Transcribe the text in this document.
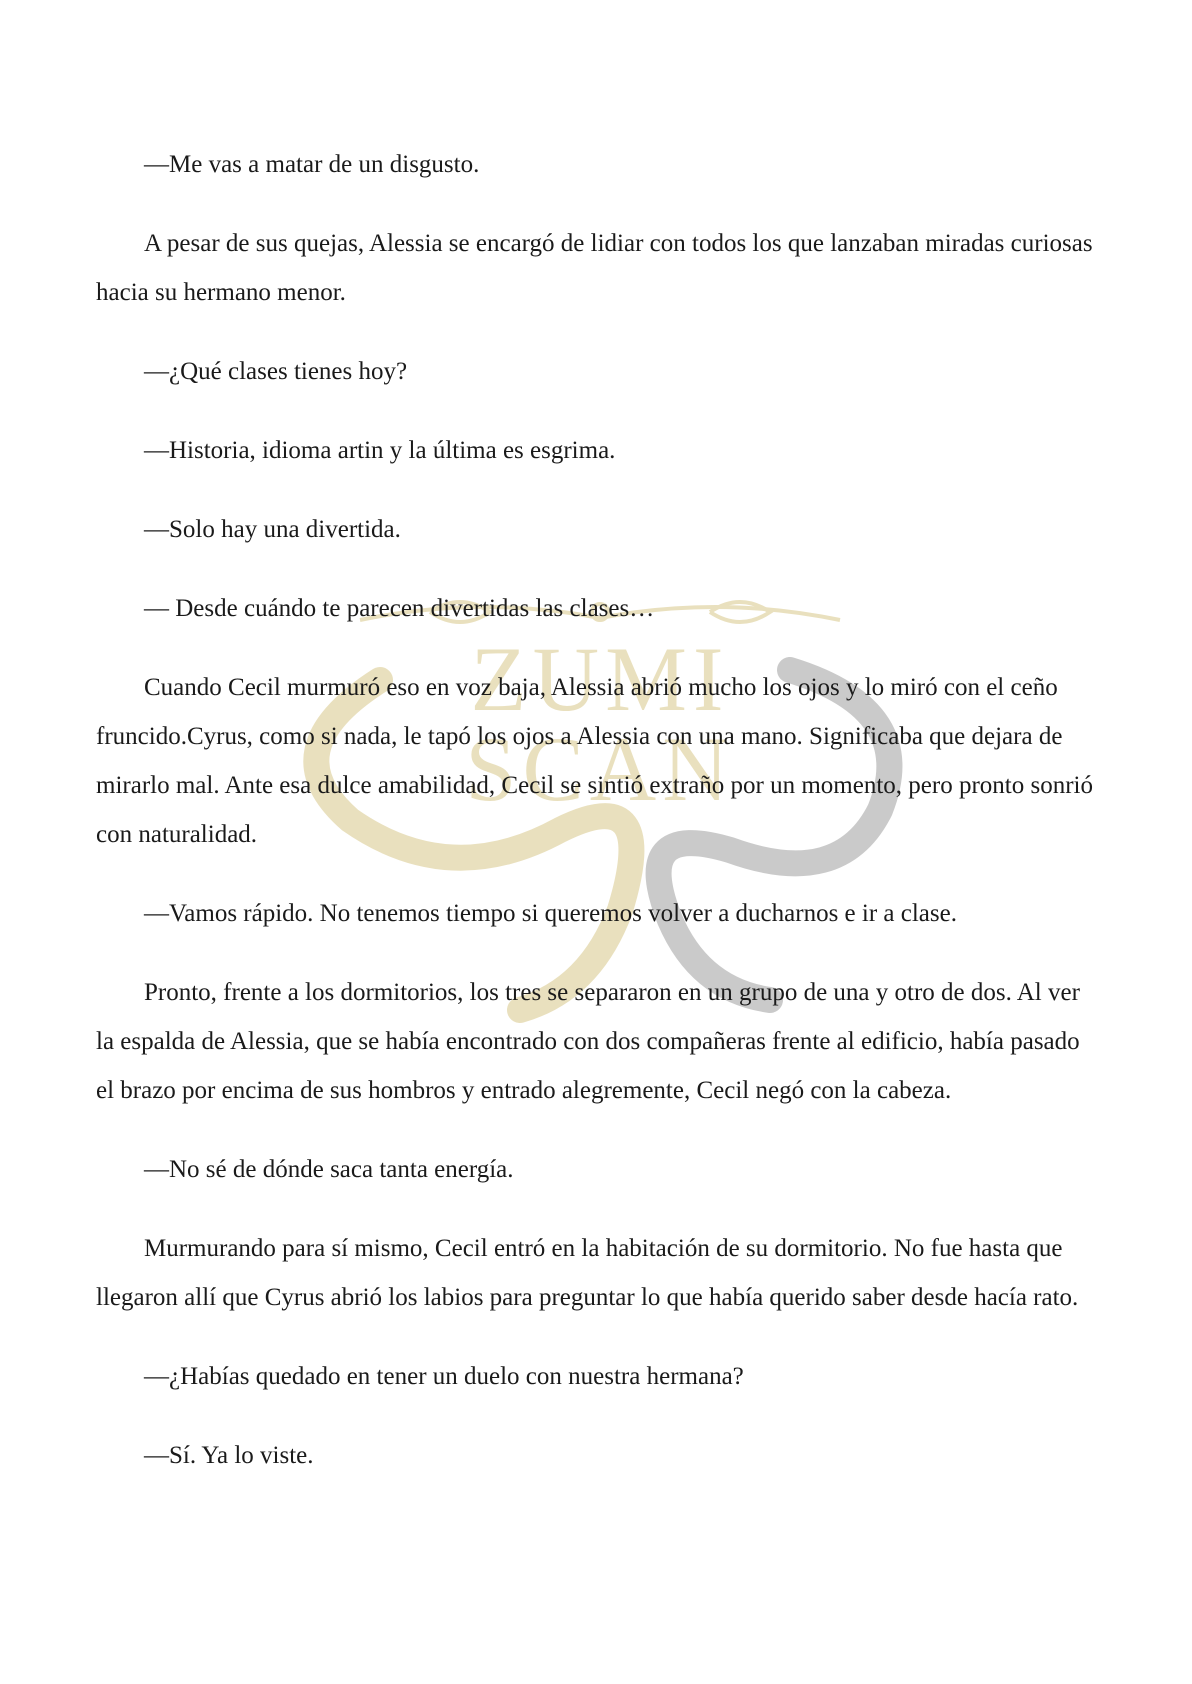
ZUMI
SCAN

—Me vas a matar de un disgusto.

A pesar de sus quejas, Alessia se encargó de lidiar con todos los que lanzaban miradas curiosas hacia su hermano menor.

—¿Qué clases tienes hoy?

—Historia, idioma artin y la última es esgrima.

—Solo hay una divertida.

— Desde cuándo te parecen divertidas las clases…

Cuando Cecil murmuró eso en voz baja, Alessia abrió mucho los ojos y lo miró con el ceño fruncido.Cyrus, como si nada, le tapó los ojos a Alessia con una mano. Significaba que dejara de mirarlo mal. Ante esa dulce amabilidad, Cecil se sintió extraño por un momento, pero pronto sonrió con naturalidad.

—Vamos rápido. No tenemos tiempo si queremos volver a ducharnos e ir a clase.

Pronto, frente a los dormitorios, los tres se separaron en un grupo de una y otro de dos. Al ver la espalda de Alessia, que se había encontrado con dos compañeras frente al edificio, había pasado el brazo por encima de sus hombros y entrado alegremente, Cecil negó con la cabeza.

—No sé de dónde saca tanta energía.

Murmurando para sí mismo, Cecil entró en la habitación de su dormitorio. No fue hasta que llegaron allí que Cyrus abrió los labios para preguntar lo que había querido saber desde hacía rato.

—¿Habías quedado en tener un duelo con nuestra hermana?

—Sí. Ya lo viste.
